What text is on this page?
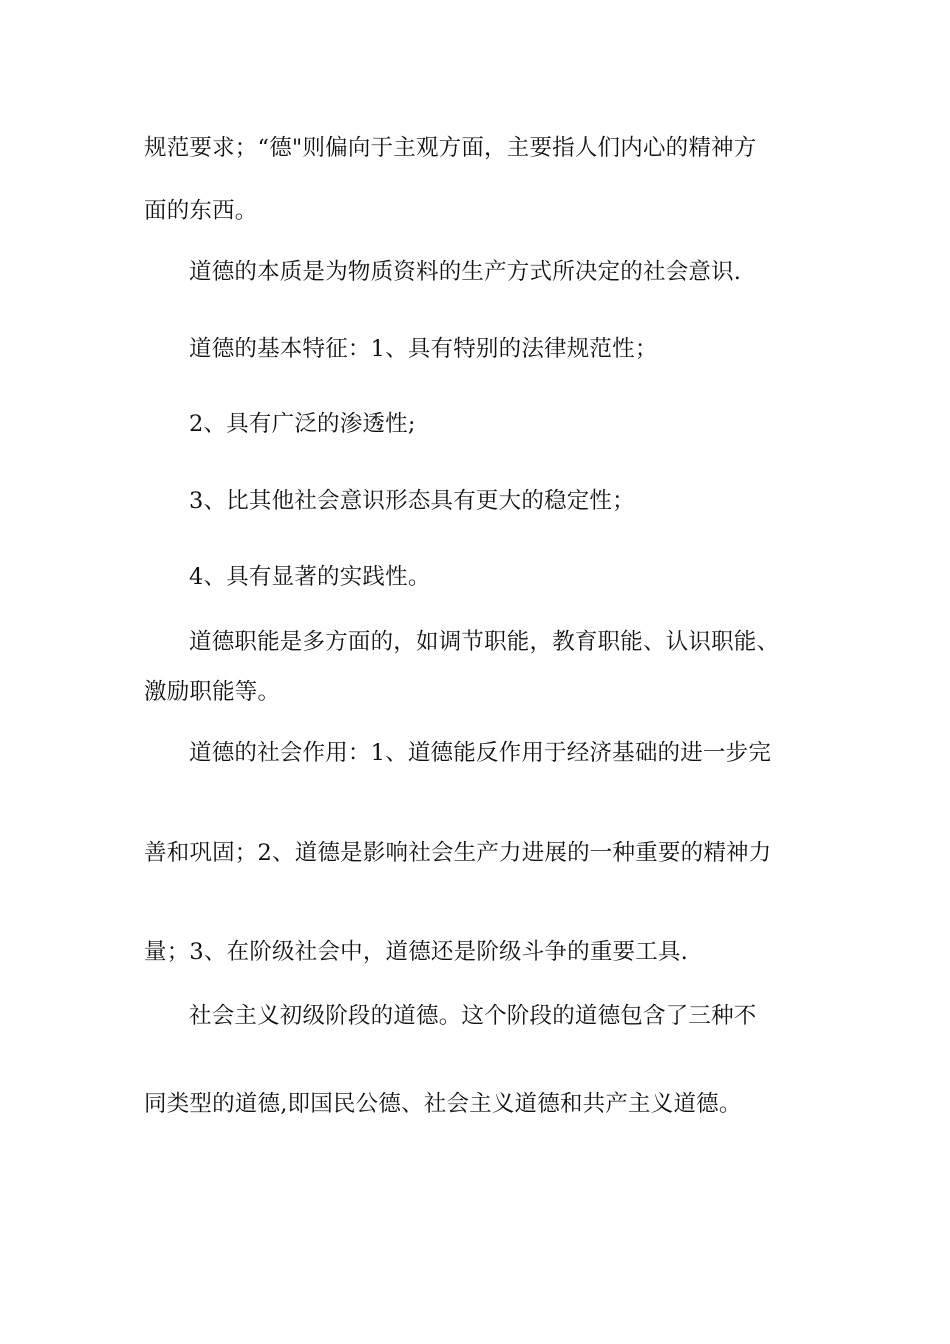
规范要求；“德"则偏向于主观方面，主要指人们内心的精神方
面的东西。
道德的本质是为物质资料的生产方式所决定的社会意识.
道德的基本特征：1、具有特别的法律规范性；
2、具有广泛的渗透性;
3、比其他社会意识形态具有更大的稳定性；
4、具有显著的实践性。
道德职能是多方面的，如调节职能，教育职能、认识职能、
激励职能等。
道德的社会作用：1、道德能反作用于经济基础的进一步完
善和巩固；2、道德是影响社会生产力进展的一种重要的精神力
量；3、在阶级社会中，道德还是阶级斗争的重要工具.
社会主义初级阶段的道德。这个阶段的道德包含了三种不
同类型的道德,即国民公德、社会主义道德和共产主义道德。
